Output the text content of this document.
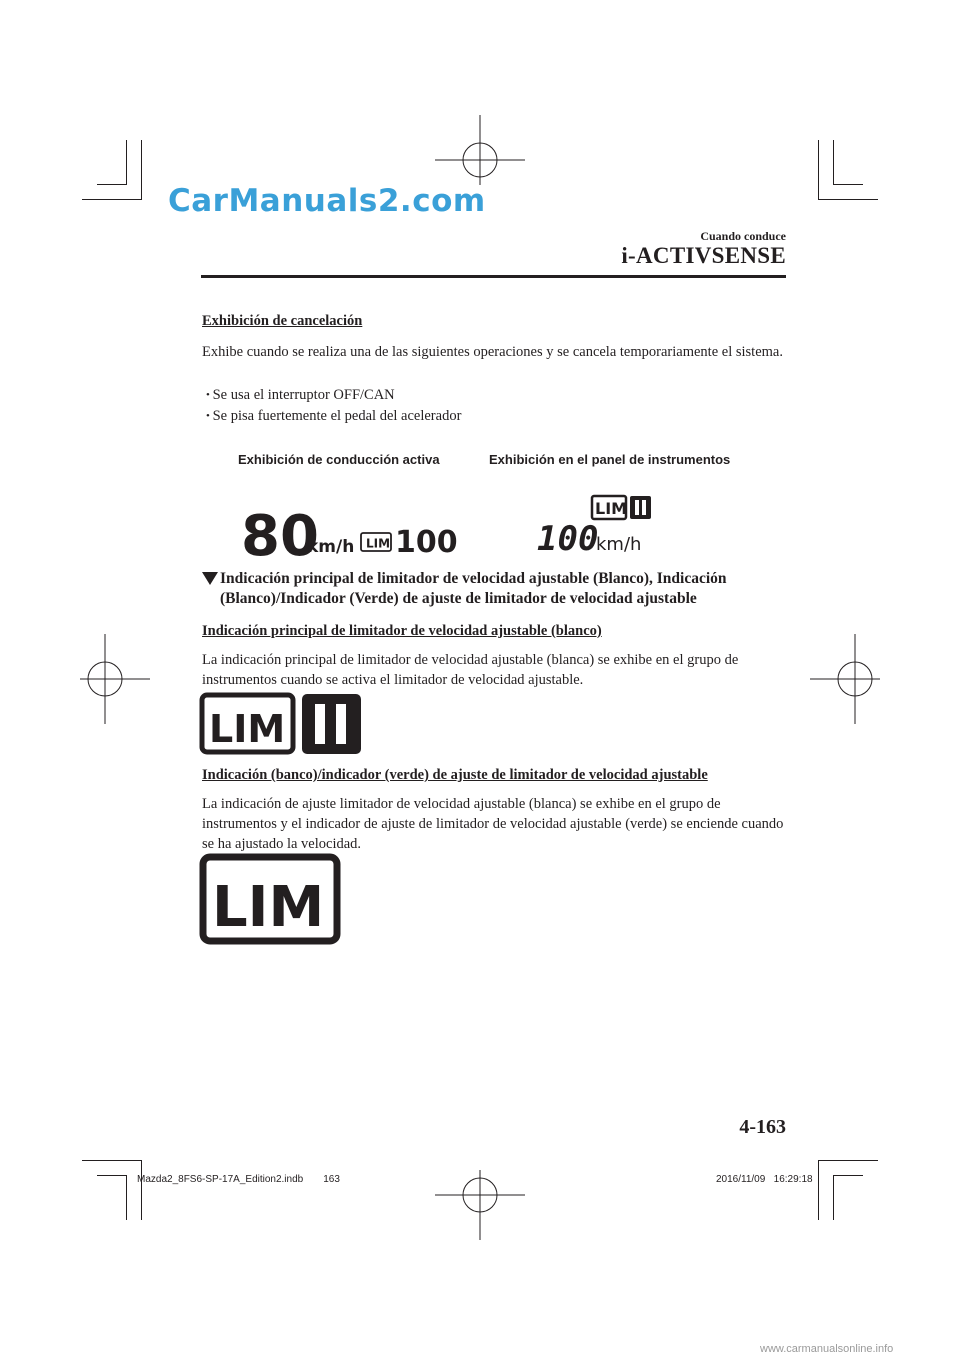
CarManuals2.com
Cuando conduce
i-ACTIVSENSE
Exhibición de cancelación
Exhibe cuando se realiza una de las siguientes operaciones y se cancela temporariamente el sistema.
• Se usa el interruptor OFF/CAN
• Se pisa fuertemente el pedal del acelerador
Exhibición de conducción activa	Exhibición en el panel de instrumentos
80
km/h LIM 100
LIM
100
km/h
Indicación principal de limitador de velocidad ajustable (Blanco), Indicación (Blanco)/Indicador (Verde) de ajuste de limitador de velocidad ajustable
Indicación principal de limitador de velocidad ajustable (blanco)
La indicación principal de limitador de velocidad ajustable (blanca) se exhibe en el grupo de instrumentos cuando se activa el limitador de velocidad ajustable.
LIM
Indicación (banco)/indicador (verde) de ajuste de limitador de velocidad ajustable
La indicación de ajuste limitador de velocidad ajustable (blanca) se exhibe en el grupo de instrumentos y el indicador de ajuste de limitador de velocidad ajustable (verde) se enciende cuando se ha ajustado la velocidad.
LIM
4-163
Mazda2_8FS6-SP-17A_Edition2.indb 163	2016/11/09 16:29:18
www.carmanualsonline.info
